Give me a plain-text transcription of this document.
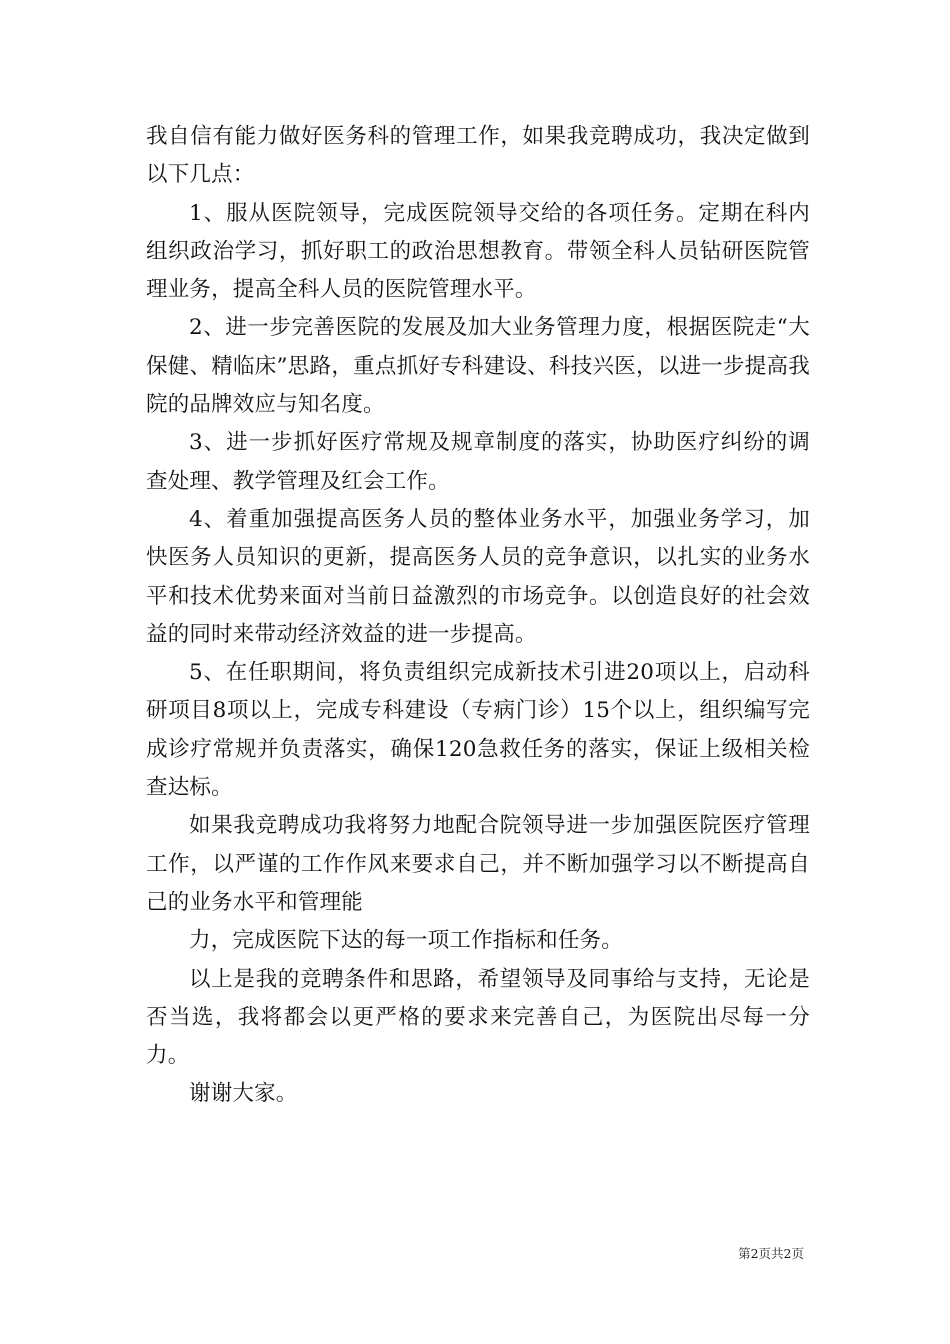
我自信有能力做好医务科的管理工作，如果我竞聘成功，我决定做到以下几点：

1、服从医院领导，完成医院领导交给的各项任务。定期在科内组织政治学习，抓好职工的政治思想教育。带领全科人员钻研医院管理业务，提高全科人员的医院管理水平。

2、进一步完善医院的发展及加大业务管理力度，根据医院走“大保健、精临床”思路，重点抓好专科建设、科技兴医，以进一步提高我院的品牌效应与知名度。

3、进一步抓好医疗常规及规章制度的落实，协助医疗纠纷的调查处理、教学管理及红会工作。

4、着重加强提高医务人员的整体业务水平，加强业务学习，加快医务人员知识的更新，提高医务人员的竞争意识，以扎实的业务水平和技术优势来面对当前日益激烈的市场竞争。以创造良好的社会效益的同时来带动经济效益的进一步提高。

5、在任职期间，将负责组织完成新技术引进20项以上，启动科研项目8项以上，完成专科建设（专病门诊）15个以上，组织编写完成诊疗常规并负责落实，确保120急救任务的落实，保证上级相关检查达标。

如果我竞聘成功我将努力地配合院领导进一步加强医院医疗管理工作，以严谨的工作作风来要求自己，并不断加强学习以不断提高自己的业务水平和管理能

力，完成医院下达的每一项工作指标和任务。

以上是我的竞聘条件和思路，希望领导及同事给与支持，无论是否当选，我将都会以更严格的要求来完善自己，为医院出尽每一分力。

谢谢大家。

第2页共2页
